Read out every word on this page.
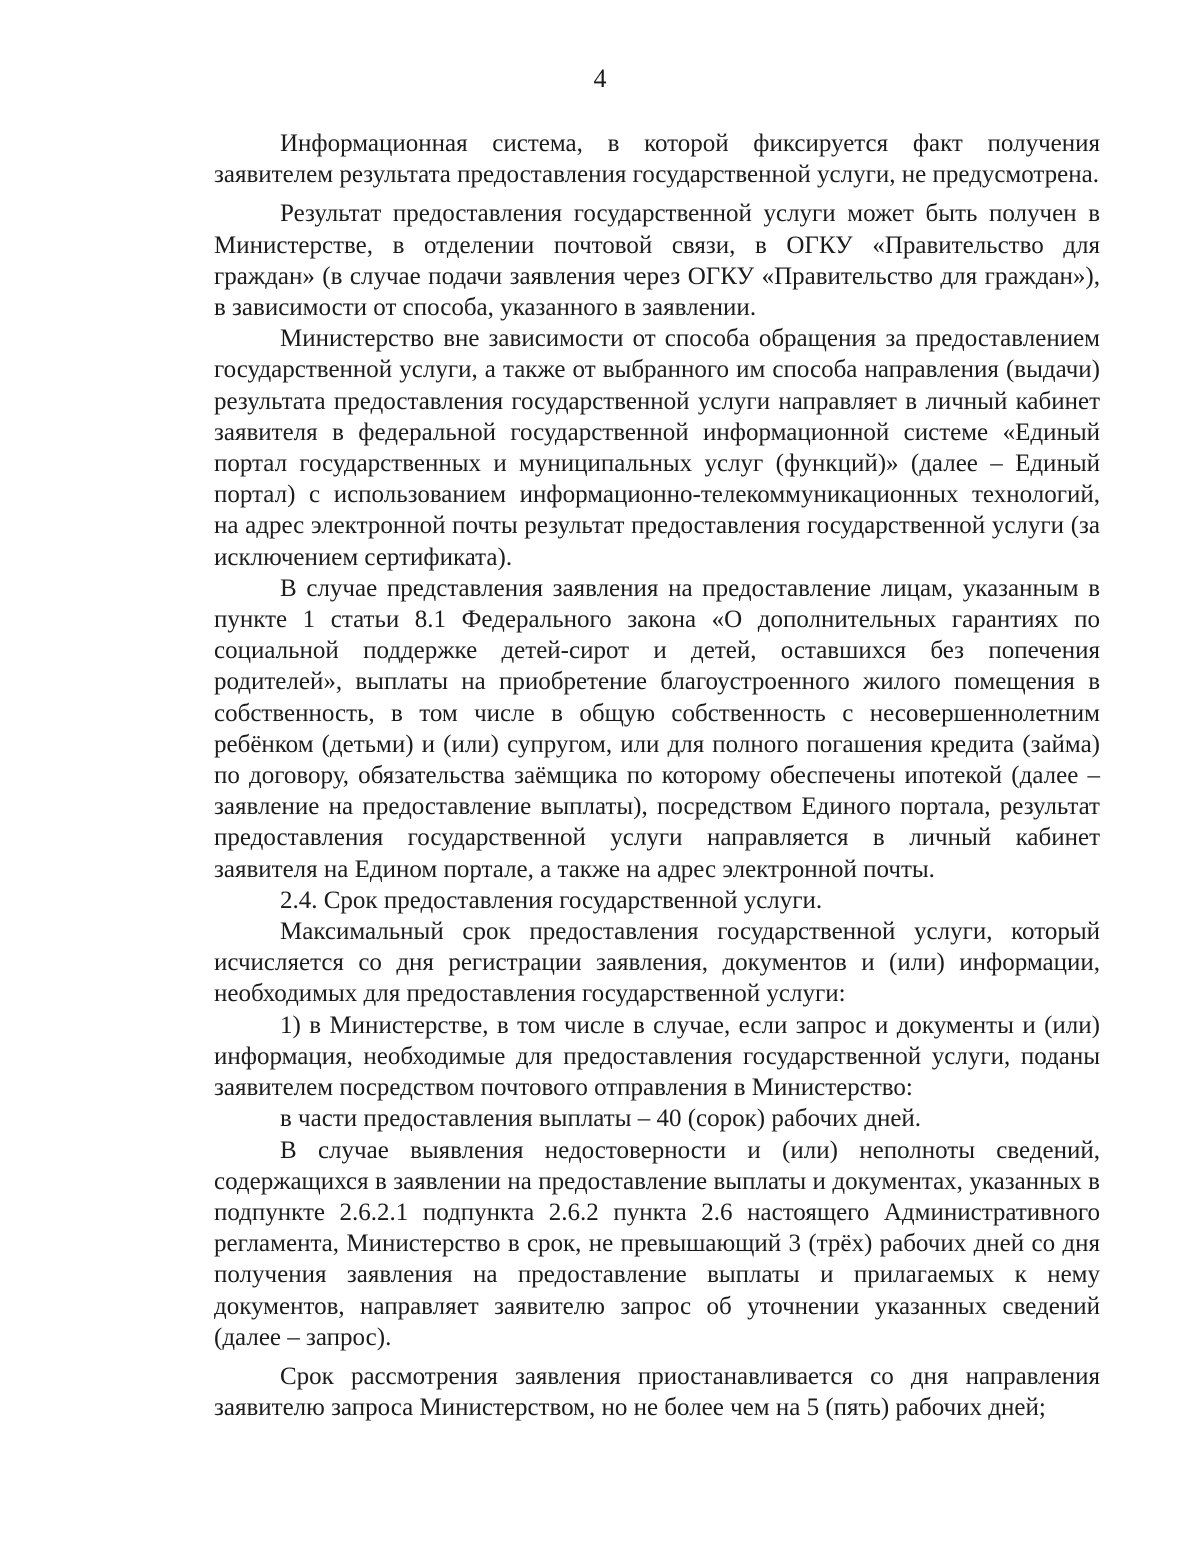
4

Информационная система, в которой фиксируется факт получения заявителем результата предоставления государственной услуги, не предусмотрена.

Результат предоставления государственной услуги может быть получен в Министерстве, в отделении почтовой связи, в ОГКУ «Правительство для граждан» (в случае подачи заявления через ОГКУ «Правительство для граждан»), в зависимости от способа, указанного в заявлении.

Министерство вне зависимости от способа обращения за предоставлением государственной услуги, а также от выбранного им способа направления (выдачи) результата предоставления государственной услуги направляет в личный кабинет заявителя в федеральной государственной информационной системе «Единый портал государственных и муниципальных услуг (функций)» (далее – Единый портал) с использованием информационно-телекоммуникационных технологий, на адрес электронной почты результат предоставления государственной услуги (за исключением сертификата).

В случае представления заявления на предоставление лицам, указанным в пункте 1 статьи 8.1 Федерального закона «О дополнительных гарантиях по социальной поддержке детей-сирот и детей, оставшихся без попечения родителей», выплаты на приобретение благоустроенного жилого помещения в собственность, в том числе в общую собственность с несовершеннолетним ребёнком (детьми) и (или) супругом, или для полного погашения кредита (займа) по договору, обязательства заёмщика по которому обеспечены ипотекой (далее – заявление на предоставление выплаты), посредством Единого портала, результат предоставления государственной услуги направляется в личный кабинет заявителя на Едином портале, а также на адрес электронной почты.

2.4. Срок предоставления государственной услуги.

Максимальный срок предоставления государственной услуги, который исчисляется со дня регистрации заявления, документов и (или) информации, необходимых для предоставления государственной услуги:

1) в Министерстве, в том числе в случае, если запрос и документы и (или) информация, необходимые для предоставления государственной услуги, поданы заявителем посредством почтового отправления в Министерство:

в части предоставления выплаты – 40 (сорок) рабочих дней.

В случае выявления недостоверности и (или) неполноты сведений, содержащихся в заявлении на предоставление выплаты и документах, указанных в подпункте 2.6.2.1 подпункта 2.6.2 пункта 2.6 настоящего Административного регламента, Министерство в срок, не превышающий 3 (трёх) рабочих дней со дня получения заявления на предоставление выплаты и прилагаемых к нему документов, направляет заявителю запрос об уточнении указанных сведений (далее – запрос).

Срок рассмотрения заявления приостанавливается со дня направления заявителю запроса Министерством, но не более чем на 5 (пять) рабочих дней;
